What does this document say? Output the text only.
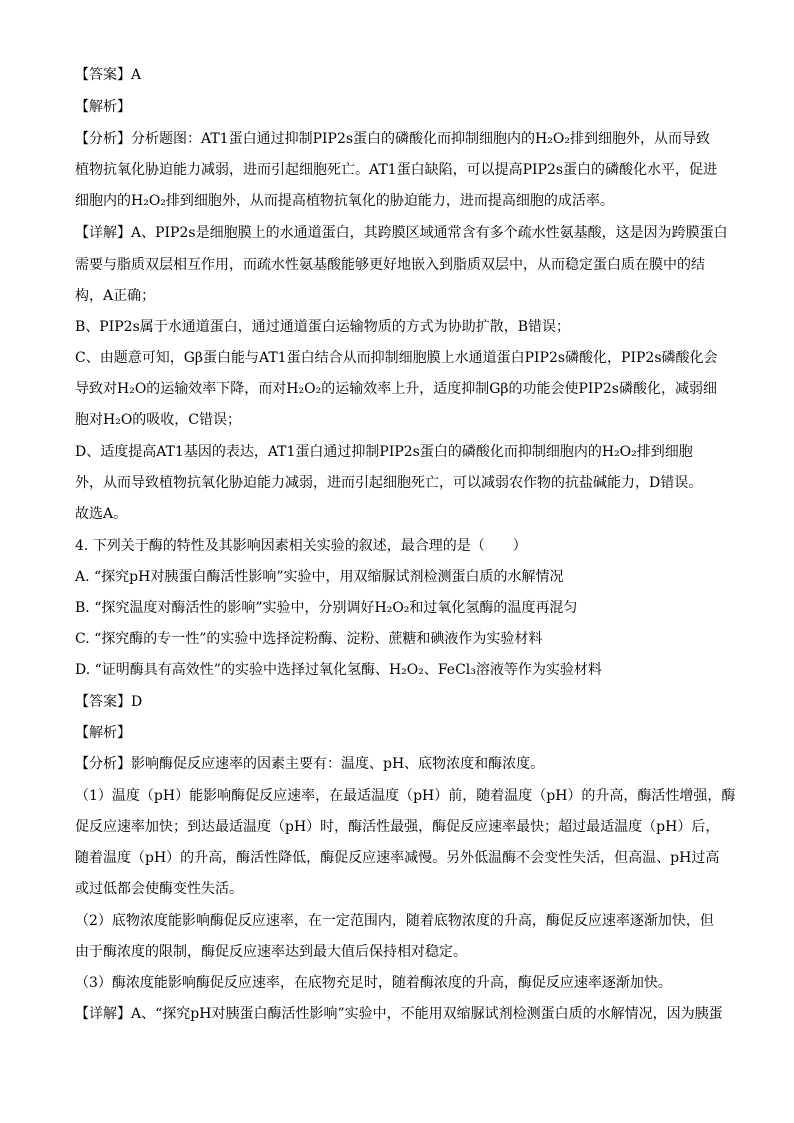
【答案】A
【解析】
【分析】分析题图：AT1蛋白通过抑制PIP2s蛋白的磷酸化而抑制细胞内的H₂O₂排到细胞外，从而导致
植物抗氧化胁迫能力减弱，进而引起细胞死亡。AT1蛋白缺陷，可以提高PIP2s蛋白的磷酸化水平，促进
细胞内的H₂O₂排到细胞外，从而提高植物抗氧化的胁迫能力，进而提高细胞的成活率。
【详解】A、PIP2s是细胞膜上的水通道蛋白，其跨膜区域通常含有多个疏水性氨基酸，这是因为跨膜蛋白
需要与脂质双层相互作用，而疏水性氨基酸能够更好地嵌入到脂质双层中，从而稳定蛋白质在膜中的结
构，A正确；
B、PIP2s属于水通道蛋白，通过通道蛋白运输物质的方式为协助扩散，B错误；
C、由题意可知，Gβ蛋白能与AT1蛋白结合从而抑制细胞膜上水通道蛋白PIP2s磷酸化，PIP2s磷酸化会
导致对H₂O的运输效率下降，而对H₂O₂的运输效率上升，适度抑制Gβ的功能会使PIP2s磷酸化，减弱细
胞对H₂O的吸收，C错误；
D、适度提高AT1基因的表达，AT1蛋白通过抑制PIP2s蛋白的磷酸化而抑制细胞内的H₂O₂排到细胞
外，从而导致植物抗氧化胁迫能力减弱，进而引起细胞死亡，可以减弱农作物的抗盐碱能力，D错误。
故选A。
4. 下列关于酶的特性及其影响因素相关实验的叙述，最合理的是（　　）
A. “探究pH对胰蛋白酶活性影响”实验中，用双缩脲试剂检测蛋白质的水解情况
B. “探究温度对酶活性的影响”实验中，分别调好H₂O₂和过氧化氢酶的温度再混匀
C. “探究酶的专一性”的实验中选择淀粉酶、淀粉、蔗糖和碘液作为实验材料
D. “证明酶具有高效性”的实验中选择过氧化氢酶、H₂O₂、FeCl₃溶液等作为实验材料
【答案】D
【解析】
【分析】影响酶促反应速率的因素主要有：温度、pH、底物浓度和酶浓度。
（1）温度（pH）能影响酶促反应速率，在最适温度（pH）前，随着温度（pH）的升高，酶活性增强，酶
促反应速率加快；到达最适温度（pH）时，酶活性最强，酶促反应速率最快；超过最适温度（pH）后，
随着温度（pH）的升高，酶活性降低，酶促反应速率减慢。另外低温酶不会变性失活，但高温、pH过高
或过低都会使酶变性失活。
（2）底物浓度能影响酶促反应速率，在一定范围内，随着底物浓度的升高，酶促反应速率逐渐加快，但
由于酶浓度的限制，酶促反应速率达到最大值后保持相对稳定。
（3）酶浓度能影响酶促反应速率，在底物充足时，随着酶浓度的升高，酶促反应速率逐渐加快。
【详解】A、“探究pH对胰蛋白酶活性影响”实验中，不能用双缩脲试剂检测蛋白质的水解情况，因为胰蛋
